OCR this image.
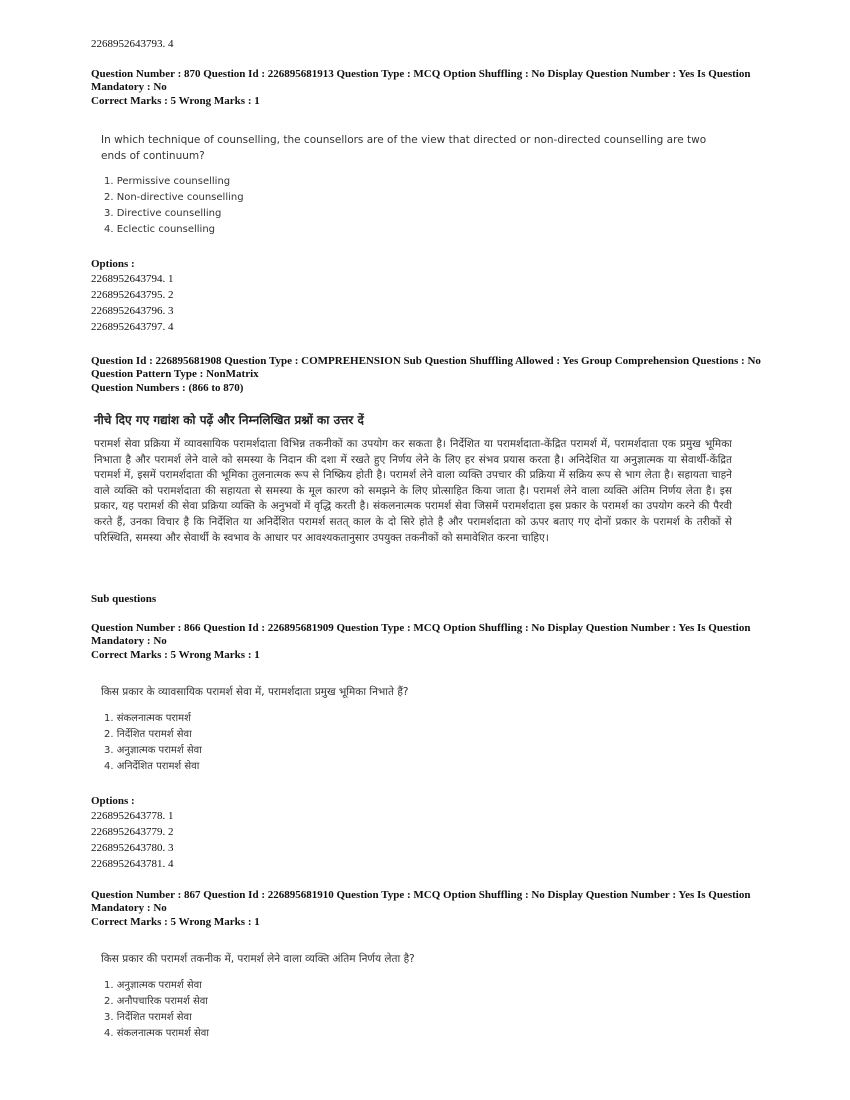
2268952643793. 4
Question Number : 870 Question Id : 226895681913 Question Type : MCQ Option Shuffling : No Display Question Number : Yes Is Question
Mandatory : No
Correct Marks : 5 Wrong Marks : 1
In which technique of counselling, the counsellors are of the view that directed or non-directed counselling are two
ends of continuum?
1. Permissive counselling
2. Non-directive counselling
3. Directive counselling
4. Eclectic counselling
Options :
2268952643794. 1
2268952643795. 2
2268952643796. 3
2268952643797. 4
Question Id : 226895681908 Question Type : COMPREHENSION Sub Question Shuffling Allowed : Yes Group Comprehension Questions : No
Question Pattern Type : NonMatrix
Question Numbers : (866 to 870)
नीचे दिए गए गद्यांश को पढ़ें और निम्नलिखित प्रश्नों का उत्तर दें

परामर्श सेवा प्रक्रिया में व्यावसायिक परामर्शदाता विभिन्न तकनीकों का उपयोग कर सकता है। निर्देशित या परामर्शदाता-केंद्रित परामर्श में, परामर्शदाता एक प्रमुख भूमिका निभाता है और परामर्श लेने वाले को समस्या के निदान की दशा में रखते हुए निर्णय लेने के लिए हर संभव प्रयास करता है। अनिदेशित या अनुज्ञात्मक या सेवार्थी-केंद्रित परामर्श में, इसमें परामर्शदाता की भूमिका तुलनात्मक रूप से निष्क्रिय होती है। परामर्श लेने वाला व्यक्ति उपचार की प्रक्रिया में सक्रिय रूप से भाग लेता है। सहायता चाहने वाले व्यक्ति को परामर्शदाता की सहायता से समस्या के मूल कारण को समझने के लिए प्रोत्साहित किया जाता है। परामर्श लेने वाला व्यक्ति अंतिम निर्णय लेता है। इस प्रकार, यह परामर्श की सेवा प्रक्रिया व्यक्ति के अनुभवों में वृद्धि करती है। संकलनात्मक परामर्श सेवा जिसमें परामर्शदाता इस प्रकार के परामर्श का उपयोग करने की पैरवी करते हैं, उनका विचार है कि निर्देशित या अनिर्देशित परामर्श सतत् काल के दो सिरे होते है और परामर्शदाता को ऊपर बताए गए दोनों प्रकार के परामर्श के तरीकों से परिस्थिति, समस्या और सेवार्थी के स्वभाव के आधार पर आवश्यकतानुसार उपयुक्त तकनीकों को समावेशित करना चाहिए।

Sub questions
Question Number : 866 Question Id : 226895681909 Question Type : MCQ Option Shuffling : No Display Question Number : Yes Is Question
Mandatory : No
Correct Marks : 5 Wrong Marks : 1
किस प्रकार के व्यावसायिक परामर्श सेवा में, परामर्शदाता प्रमुख भूमिका निभाते हैं?
1. संकलनात्मक परामर्श
2. निर्देशित परामर्श सेवा
3. अनुज्ञात्मक परामर्श सेवा
4. अनिर्देशित परामर्श सेवा
Options :
2268952643778. 1
2268952643779. 2
2268952643780. 3
2268952643781. 4
Question Number : 867 Question Id : 226895681910 Question Type : MCQ Option Shuffling : No Display Question Number : Yes Is Question
Mandatory : No
Correct Marks : 5 Wrong Marks : 1
किस प्रकार की परामर्श तकनीक में, परामर्श लेने वाला व्यक्ति अंतिम निर्णय लेता है?
1. अनुज्ञात्मक परामर्श सेवा
2. अनौपचारिक परामर्श सेवा
3. निर्देशित परामर्श सेवा
4. संकलनात्मक परामर्श सेवा
